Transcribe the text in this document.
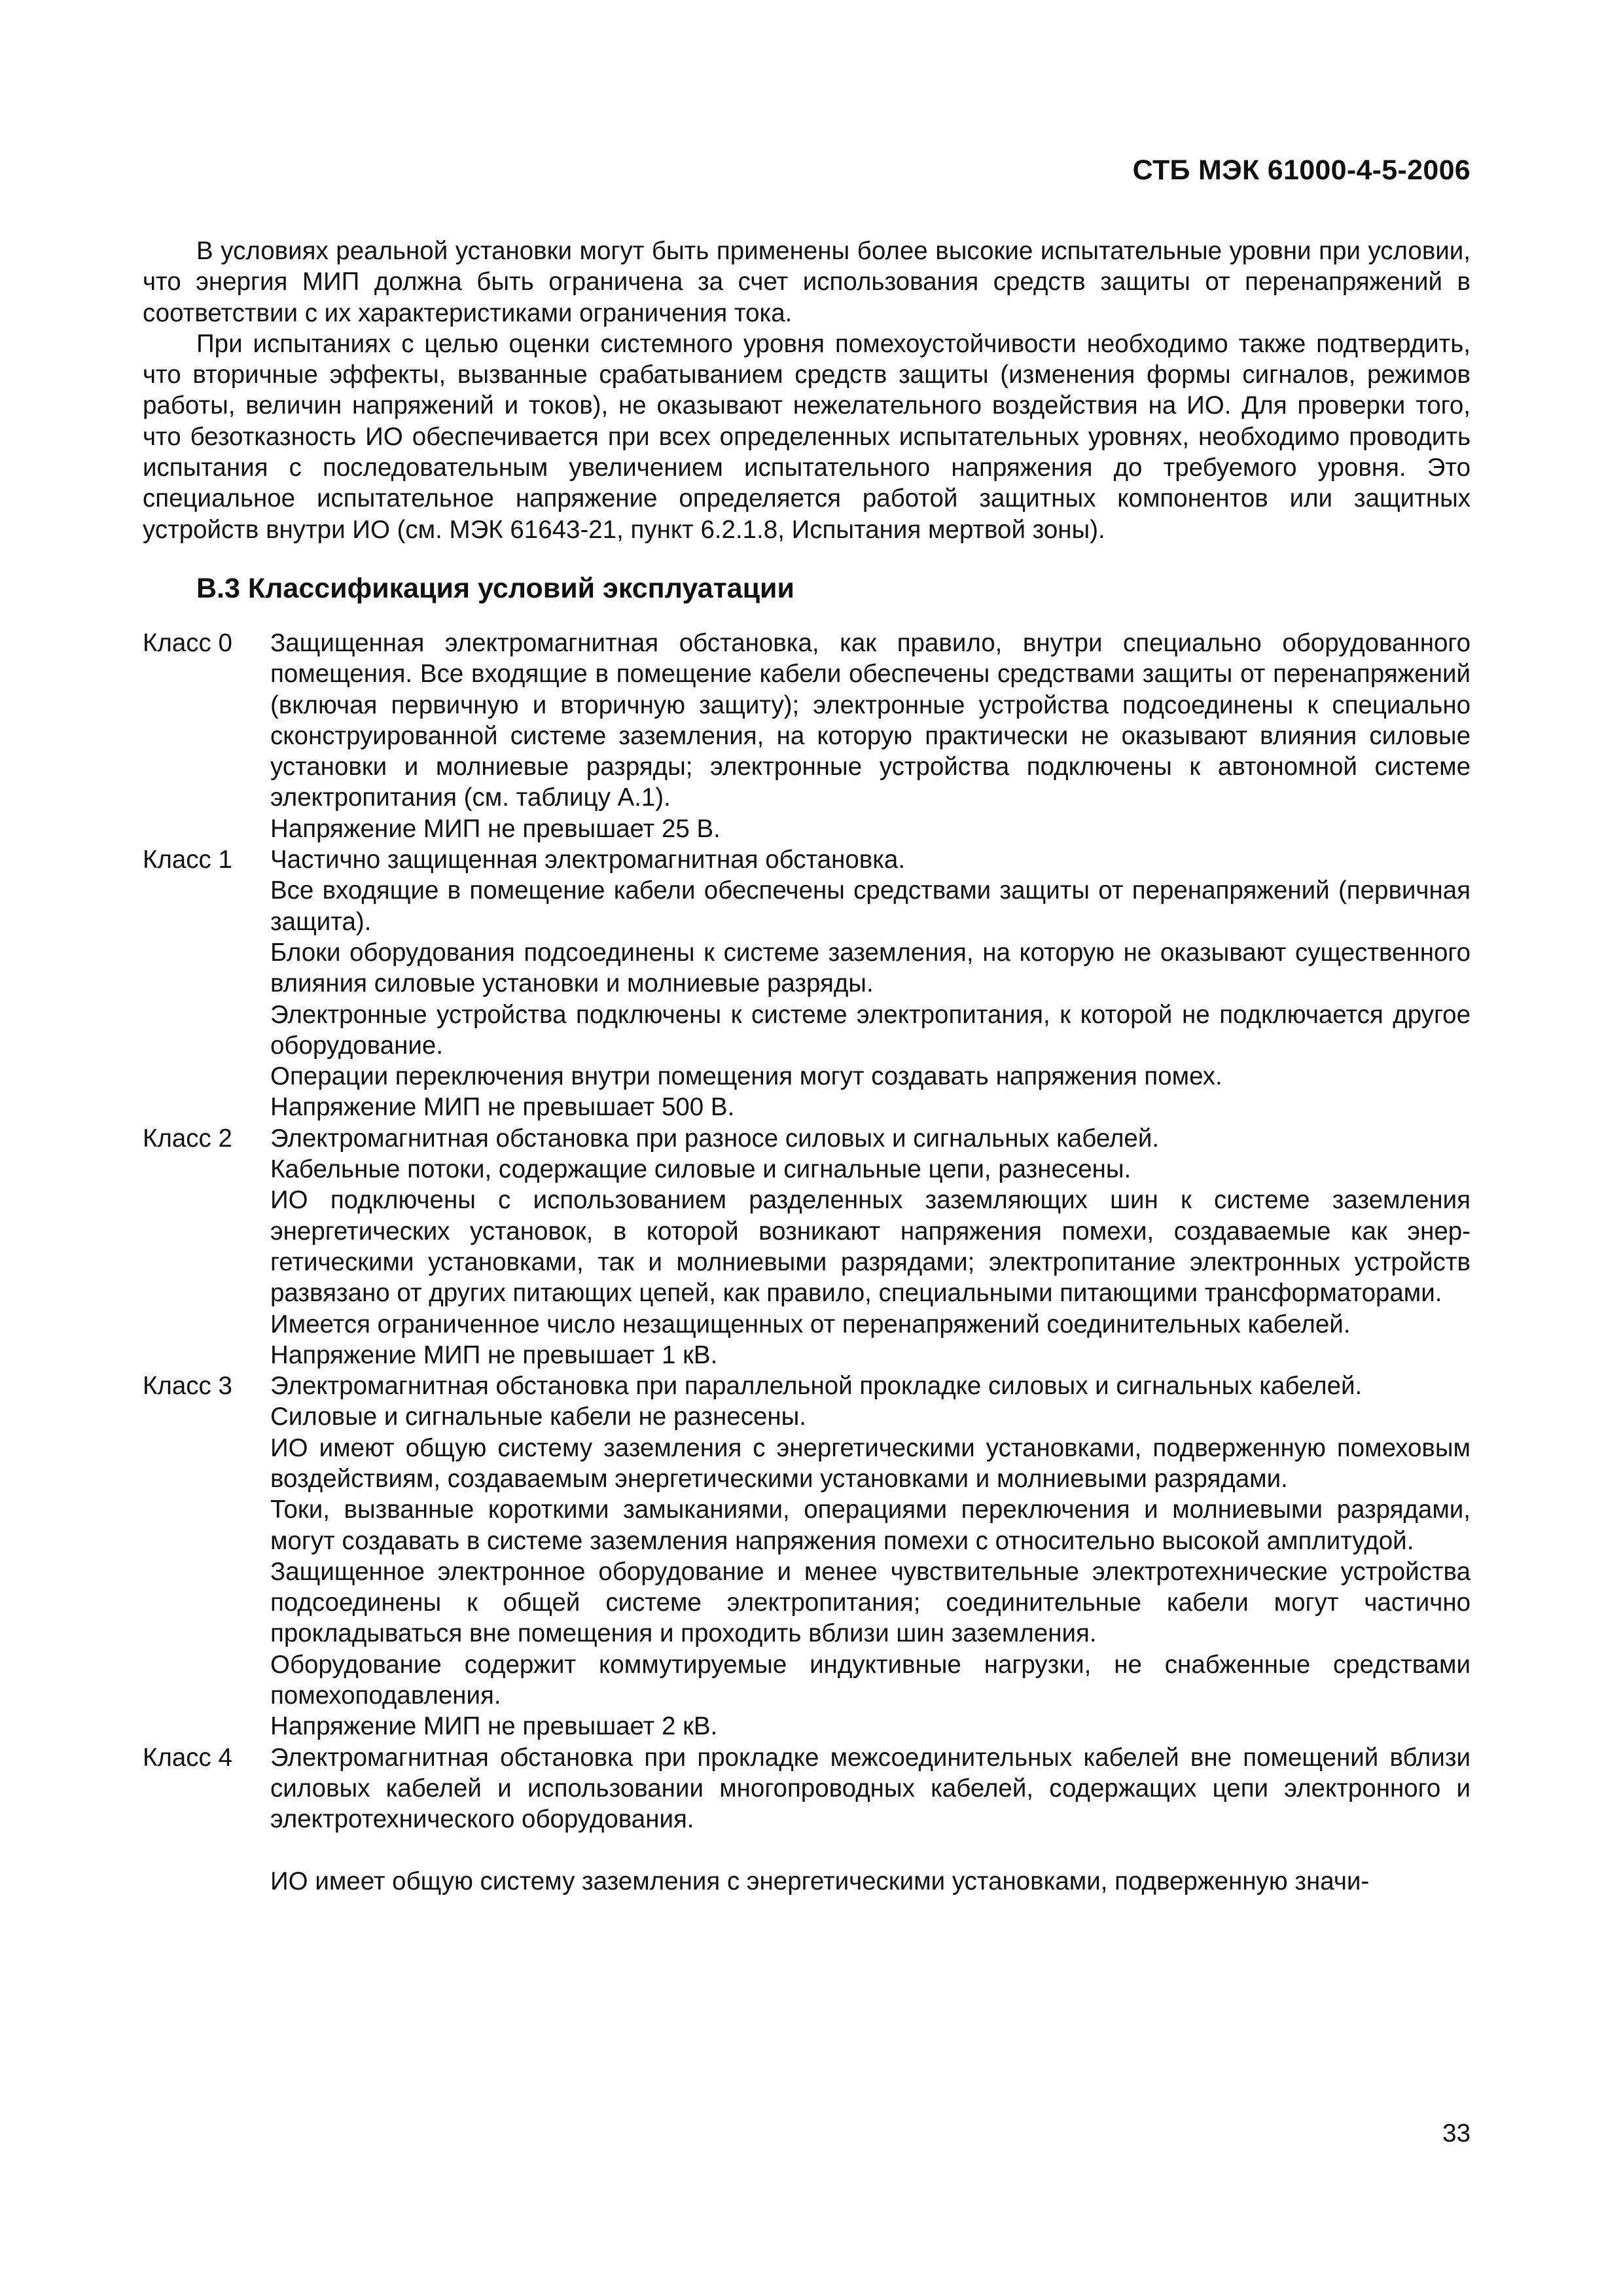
СТБ МЭК 61000-4-5-2006

В условиях реальной установки могут быть применены более высокие испытательные уровни при условии, что энергия МИП должна быть ограничена за счет использования средств защиты от перенапряжений в соответствии с их характеристиками ограничения тока.

При испытаниях с целью оценки системного уровня помехоустойчивости необходимо также подтвердить, что вторичные эффекты, вызванные срабатыванием средств защиты (изменения формы сигналов, режимов работы, величин напряжений и токов), не оказывают нежелательного воздействия на ИО. Для проверки того, что безотказность ИО обеспечивается при всех определенных испытательных уровнях, необходимо проводить испытания с последовательным увеличением испытательного напряжения до требуемого уровня. Это специальное испытательное напряжение определяется работой защитных компонентов или защитных устройств внутри ИО (см. МЭК 61643-21, пункт 6.2.1.8, Испытания мертвой зоны).

В.3 Классификация условий эксплуатации
Класс 0	Защищенная электромагнитная обстановка, как правило, внутри специально оборудованного помещения. Все входящие в помещение кабели обеспечены средствами защиты от перенапряжений (включая первичную и вторичную защиту); электронные устройства подсоединены к специально сконструированной системе заземления, на которую практически не оказывают влияния силовые установки и молниевые разряды; электронные устройства подключены к автономной системе электропитания (см. таблицу А.1).

Напряжение МИП не превышает 25 В.

Класс 1	Частично защищенная электромагнитная обстановка.

Все входящие в помещение кабели обеспечены средствами защиты от перенапряжений (первичная защита).

Блоки оборудования подсоединены к системе заземления, на которую не оказывают существенного влияния силовые установки и молниевые разряды.

Электронные устройства подключены к системе электропитания, к которой не подключается другое оборудование.

Операции переключения внутри помещения могут создавать напряжения помех.

Напряжение МИП не превышает 500 В.

Класс 2	Электромагнитная обстановка при разносе силовых и сигнальных кабелей.

Кабельные потоки, содержащие силовые и сигнальные цепи, разнесены.

ИО подключены с использованием разделенных заземляющих шин к системе заземления энергетических установок, в которой возникают напряжения помехи, создаваемые как энергетическими установками, так и молниевыми разрядами; электропитание электронных устройств развязано от других питающих цепей, как правило, специальными питающими трансформаторами.

Имеется ограниченное число незащищенных от перенапряжений соединительных кабелей.

Напряжение МИП не превышает 1 кВ.

Класс 3	Электромагнитная обстановка при параллельной прокладке силовых и сигнальных кабелей.

Силовые и сигнальные кабели не разнесены.

ИО имеют общую систему заземления с энергетическими установками, подверженную помеховым воздействиям, создаваемым энергетическими установками и молниевыми разрядами.

Токи, вызванные короткими замыканиями, операциями переключения и молниевыми разрядами, могут создавать в системе заземления напряжения помехи с относительно высокой амплитудой.

Защищенное электронное оборудование и менее чувствительные электротехнические устройства подсоединены к общей системе электропитания; соединительные кабели могут частично прокладываться вне помещения и проходить вблизи шин заземления.

Оборудование содержит коммутируемые индуктивные нагрузки, не снабженные средствами помехоподавления.

Напряжение МИП не превышает 2 кВ.

Класс 4	Электромагнитная обстановка при прокладке межсоединительных кабелей вне помещений вблизи силовых кабелей и использовании многопроводных кабелей, содержащих цепи электронного и электротехнического оборудования.

ИО имеет общую систему заземления с энергетическими установками, подверженную значи-

33
